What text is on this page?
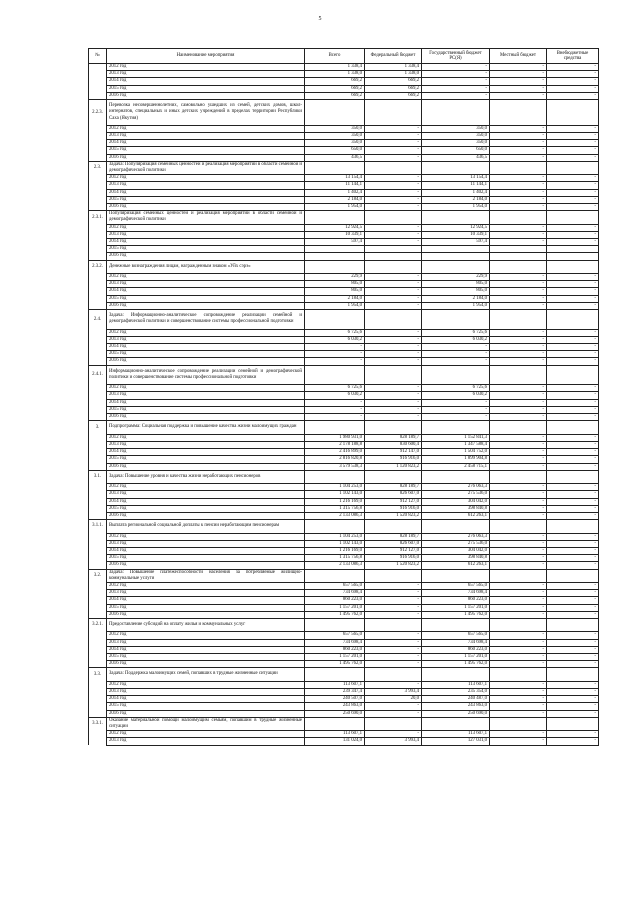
5
№	Наименование мероприятия	Всего	Федеральный бюджет	Государственный бюджет РС(Я)	Местный бюджет	Внебюджетные средства
	2012 год	1 338,4	1 338,4	-	-	-
	2013 год	1 338,0	1 338,0	-	-	-
	2014 год	669,2	669,2	-	-	-
	2015 год	669,2	669,2	-	-	-
	2016 год	669,2	669,2	-	-	-
2.2.3.	Перевозка несовершеннолетних, самовольно ушедших из семей, детских домов, школ-интернатов, специальных и иных детских учреждений в пределах территории Республики Саха (Якутия)					
	2012 год	350,0	-	350,0	-	-
	2013 год	350,0	-	350,0	-	-
	2014 год	350,0	-	350,0	-	-
	2015 год	650,0	-	650,0	-	-
	2016 год	436,5	-	436,5	-	-
2.3.	Задача: Популяризация семейных ценностей и реализация мероприятий в области семейной и демографической политики					
	2012 год	13 154,4	-	13 154,4	-	-
	2013 год	11 144,1	-	11 144,1	-	-
	2014 год	1 402,4	-	1 402,4	-	-
	2015 год	2 184,0	-	2 184,0	-	-
	2016 год	1 954,0	-	1 954,0	-	-
2.3.1.	Популяризация семейных ценностей и реализация мероприятий в области семейной и демографической политики					
	2012 год	12 924,5	-	12 924,5	-	-
	2013 год	10 339,1	-	10 339,1	-	-
	2014 год	597,4	-	597,4	-	-
	2015 год					
	2016 год					
2.3.2.	Денежные вознаграждения лицам, награжденным знаком «Уйх сэрэ»					
	2012 год	229,9	-	229,9	-	-
	2013 год	805,0	-	805,0	-	-
	2014 год	805,0	-	805,0	-	-
	2015 год	2 184,0	-	2 184,0	-	-
	2016 год	1 954,0	-	1 954,0	-	-
2.4.	Задача: Информационно-аналитическое сопровождение реализации семейной и демографической политики и совершенствование системы профессиональной подготовки					
	2012 год	6 725,6	-	6 725,6	-	-
	2013 год	6 030,2	-	6 030,2	-	-
	2014 год	-	-	-	-	-
	2015 год	-	-	-	-	-
	2016 год	-	-	-	-	-
2.4.1.	Информационно-аналитическое сопровождение реализации семейной и демографической политики и совершенствование системы профессиональной подготовки					
	2012 год	6 725,6	-	6 725,6	-	-
	2013 год	6 030,2	-	6 030,2	-	-
	2014 год	-	-	-	-	-
	2015 год	-	-	-	-	-
	2016 год	-	-	-	-	-
3.	Подпрограмма: Социальная поддержка и повышение качества жизни малоимущих граждан					
	2012 год	1 980 931,0	828 189,7	1 152 841,3	-	-
	2013 год	2 178 188,8	830 600,4	1 347 588,4	-	-
	2014 год	2 416 899,0	912 147,0	1 504 752,0	-	-
	2015 год	2 816 820,8	916 916,0	1 899 904,8	-	-
	2016 год	3 579 538,3	1 120 823,2	2 458 715,1	-	-
3.1.	Задача: Повышение уровня и качества жизни неработающих пенсионеров					
	2012 год	1 104 253,0	828 189,7	276 063,3	-	-
	2013 год	1 102 143,0	826 607,0	275 536,0	-	-
	2014 год	1 216 169,0	912 127,0	304 042,0	-	-
	2015 год	1 315 756,8	916 916,0	398 840,8	-	-
	2016 год	2 133 086,3	1 520 823,2	612 263,1	-	-
3.1.1.	Выплата региональной социальной доплаты к пенсии неработающим пенсионерам					
	2012 год	1 104 253,0	828 189,7	276 063,3	-	-
	2013 год	1 102 143,0	826 607,0	275 536,0	-	-
	2014 год	1 216 169,0	912 127,0	304 042,0	-	-
	2015 год	1 315 756,8	916 916,0	398 840,8	-	-
	2016 год	2 133 086,3	1 520 823,2	612 263,1	-	-
3.2.	Задача: Повышение платежеспособности населения за потребляемые жилищно-коммунальные услуги					
	2012 год	657 565,0	-	657 565,0	-	-
	2013 год	734 698,4	-	734 698,4	-	-
	2014 год	860 223,0	-	860 223,0	-	-
	2015 год	1 157 201,0	-	1 157 201,0	-	-
	2016 год	1 495 762,0	-	1 495 762,0	-	-
3.2.1.	Предоставление субсидий на оплату жилья и коммунальных услуг					
	2012 год	657 565,0	-	657 565,0	-	-
	2013 год	734 698,4	-	734 698,4	-	-
	2014 год	860 223,0	-	860 223,0	-	-
	2015 год	1 157 201,0	-	1 157 201,0	-	-
	2016 год	1 495 762,0	-	1 495 762,0	-	-
3.3.	Задача: Поддержка малоимущих семей, попавших в трудные жизненные ситуации					
	2012 год	113 607,1	-	113 607,1	-	-
	2013 год	239 347,4	3 993,4	235 354,0	-	-
	2014 год	240 507,0	20,0	240 487,0	-	-
	2015 год	243 863,0	-	243 863,0	-	-
	2016 год	250 690,0	-	250 690,0	-	-
3.3.1.	Оказание материальной помощи малоимущим семьям, попавшим в трудные жизненные ситуации					
	2012 год	113 607,1	-	113 607,1	-	-
	2013 год	131 024,0	3 993,4	127 031,0	-	-
